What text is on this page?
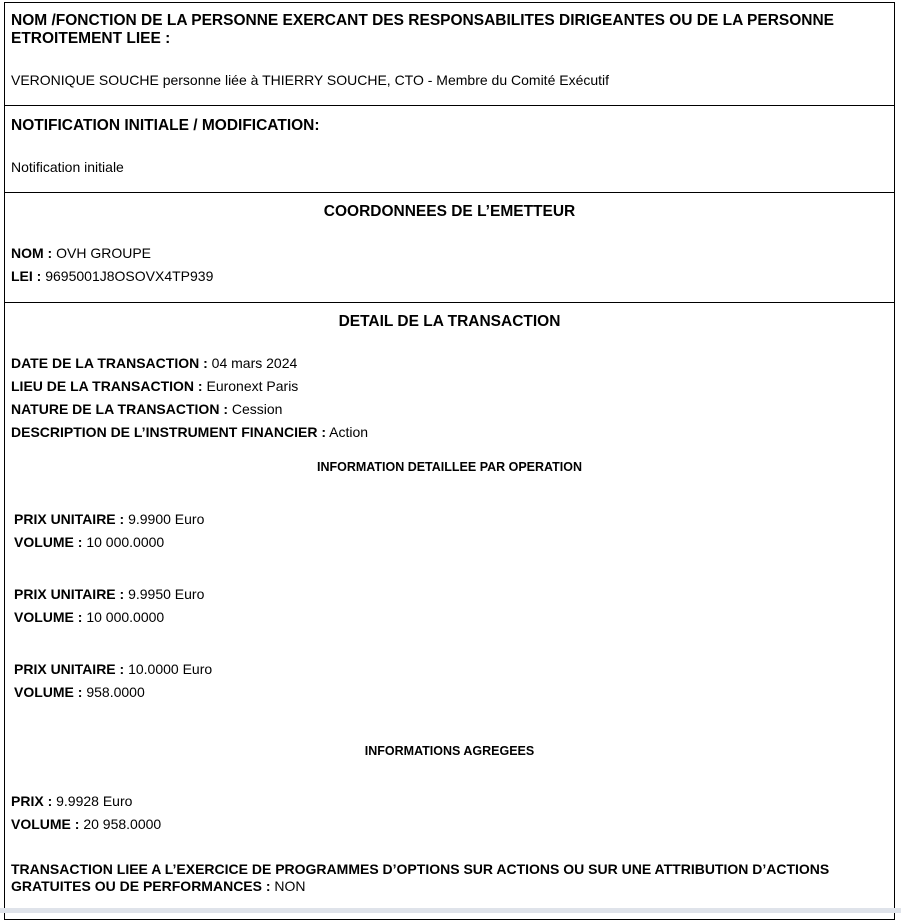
NOM /FONCTION DE LA PERSONNE EXERCANT DES RESPONSABILITES DIRIGEANTES OU DE LA PERSONNE ETROITEMENT LIEE :
VERONIQUE SOUCHE personne liée à THIERRY SOUCHE, CTO - Membre du Comité Exécutif
NOTIFICATION INITIALE / MODIFICATION:
Notification initiale
COORDONNEES DE L’EMETTEUR
NOM : OVH GROUPE
LEI : 9695001J8OSOVX4TP939
DETAIL DE LA TRANSACTION
DATE DE LA TRANSACTION : 04 mars 2024
LIEU DE LA TRANSACTION : Euronext Paris
NATURE DE LA TRANSACTION : Cession
DESCRIPTION DE L’INSTRUMENT FINANCIER : Action
INFORMATION DETAILLEE PAR OPERATION
PRIX UNITAIRE : 9.9900 Euro
VOLUME : 10 000.0000
PRIX UNITAIRE : 9.9950 Euro
VOLUME : 10 000.0000
PRIX UNITAIRE : 10.0000 Euro
VOLUME : 958.0000
INFORMATIONS AGREGEES
PRIX : 9.9928 Euro
VOLUME : 20 958.0000
TRANSACTION LIEE A L’EXERCICE DE PROGRAMMES D’OPTIONS SUR ACTIONS OU SUR UNE ATTRIBUTION D’ACTIONS GRATUITES OU DE PERFORMANCES : NON
